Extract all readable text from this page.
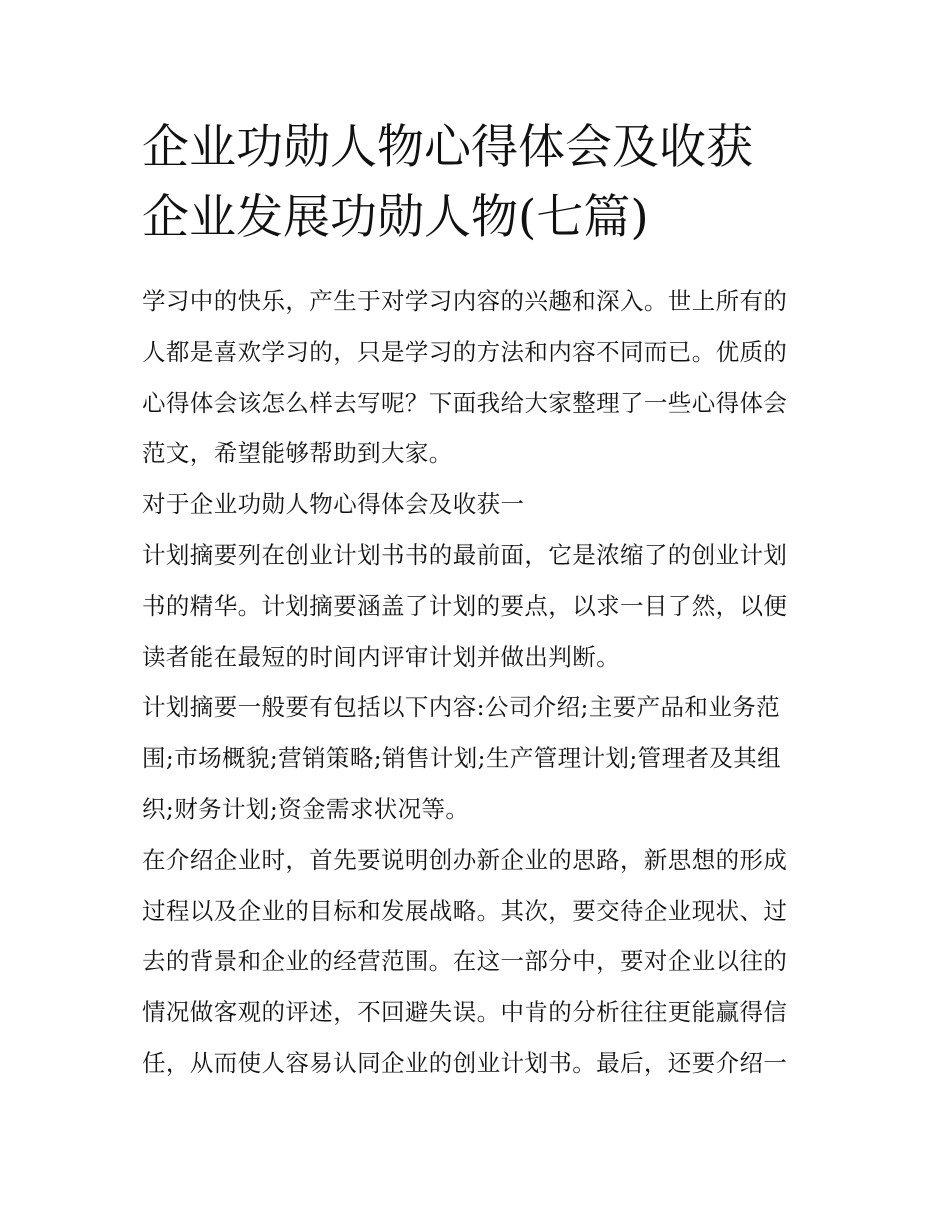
企业功勋人物心得体会及收获
企业发展功勋人物(七篇)
学习中的快乐，产生于对学习内容的兴趣和深入。世上所有的
人都是喜欢学习的，只是学习的方法和内容不同而已。优质的
心得体会该怎么样去写呢？下面我给大家整理了一些心得体会
范文，希望能够帮助到大家。
对于企业功勋人物心得体会及收获一
计划摘要列在创业计划书书的最前面，它是浓缩了的创业计划
书的精华。计划摘要涵盖了计划的要点，以求一目了然，以便
读者能在最短的时间内评审计划并做出判断。
计划摘要一般要有包括以下内容:公司介绍;主要产品和业务范
围;市场概貌;营销策略;销售计划;生产管理计划;管理者及其组
织;财务计划;资金需求状况等。
在介绍企业时，首先要说明创办新企业的思路，新思想的形成
过程以及企业的目标和发展战略。其次，要交待企业现状、过
去的背景和企业的经营范围。在这一部分中，要对企业以往的
情况做客观的评述，不回避失误。中肯的分析往往更能赢得信
任，从而使人容易认同企业的创业计划书。最后，还要介绍一
